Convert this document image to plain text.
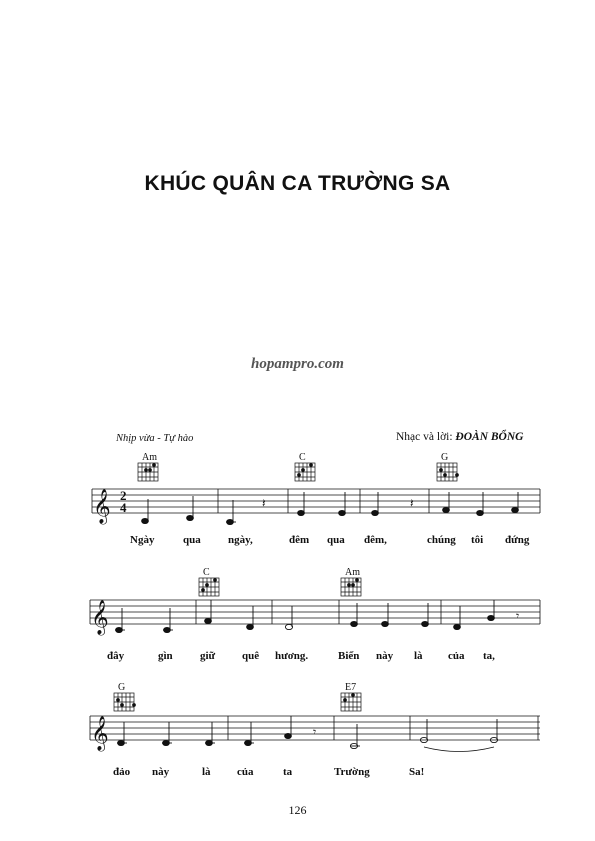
KHÚC QUÂN CA TRƯỜNG SA
hopampro.com
Nhịp vừa - Tự hào	Nhạc và lời: ĐOÀN BỔNG
Am	C	G
C	Am
G	E7
Ngày	qua ngày,	đêm qua đêm,	chúng tôi đứng
đây	gìn giữ quê hương.	Biển này là của ta,
đảo này	là của	ta	Trường	Sa!
126
𝄞
𝄞
𝄞
2
4	𝄽	𝄽
𝄾
𝄾
